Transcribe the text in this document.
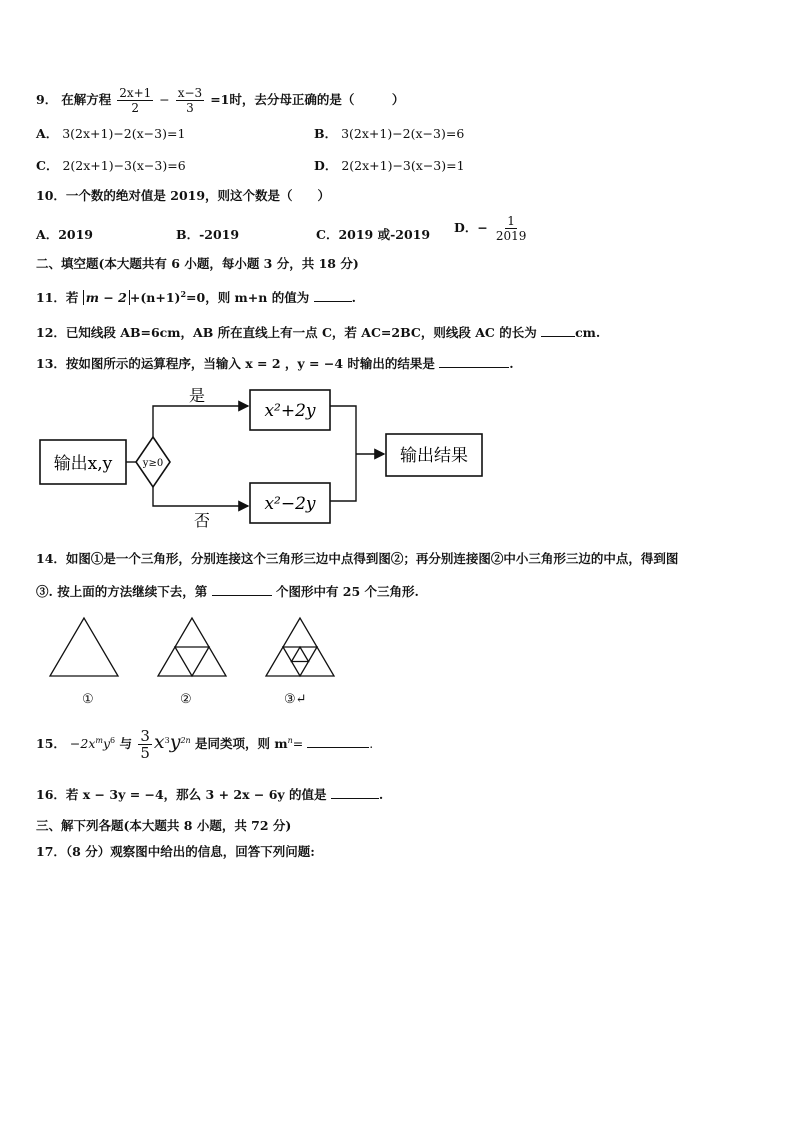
9． 在解方程 $\frac{2x+1}{2} - \frac{x-3}{3} =1$时，去分母正确的是（　　　）
A． 3(2x+1)−2(x−3)=1	B． 3(2x+1)−2(x−3)=6
C． 2(2x+1)−3(x−3)=6	D． 2(2x+1)−3(x−3)=1
10．一个数的绝对值是 2019，则这个数是（　　）
A．2019	B．-2019	C．2019 或-2019 D．− $\frac{1}{2019}$
二、填空题(本大题共有 6 小题，每小题 3 分，共 18 分)
11．若 $m - 2 +(n+1)^2=0$，则 m+n 的值为	.
12．已知线段 AB=6cm，AB 所在直线上有一点 C，若 AC=2BC，则线段 AC 的长为	cm.
13．按如图所示的运算程序，当输入 x = 2 ，y = −4 时输出的结果是	.
输出x,y	y≥0
是
x²+2y
否
x²−2y
输出结果
14．如图①是一个三角形，分别连接这个三角形三边中点得到图②；再分别连接图②中小三角形三边的中点，得到图
③. 按上面的方法继续下去，第	个图形中有 25 个三角形.
①	②	③↵
15． $-2x^my^6$ 与 $\frac{3}{5} x^3y^{2n}$ 是同类项，则 $m^n=$	.
16．若 x − 3y = −4，那么 3 + 2x − 6y 的值是	.
三、解下列各题(本大题共 8 小题，共 72 分)
17．（8 分）观察图中给出的信息，回答下列问题:
